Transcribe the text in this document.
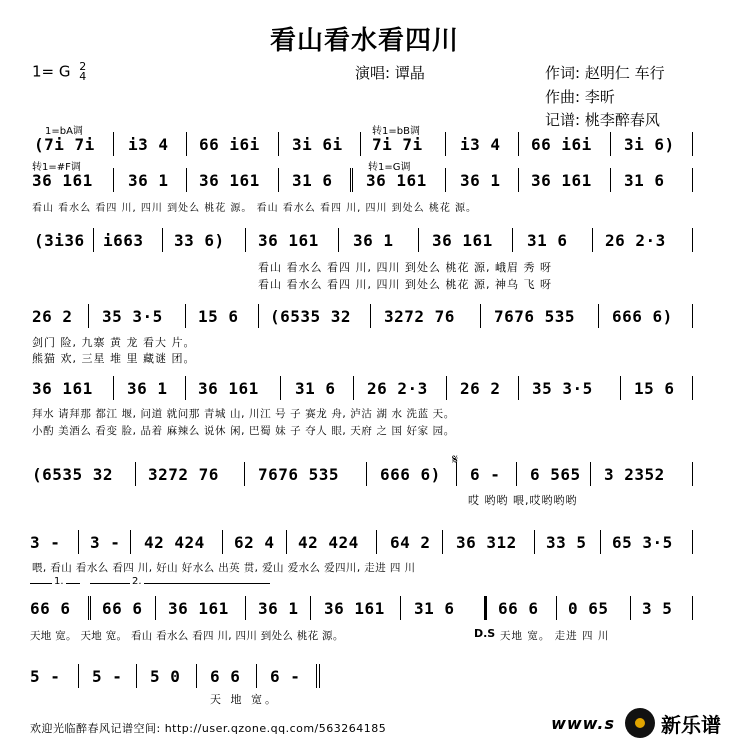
看山看水看四川
1= G 2
4	演唱: 谭晶	作词: 赵明仁 车行
作曲: 李昕
记谱: 桃李醉春风
1=bA调	转1=bB调
(7i 7i i3 4 66 i6i 3i 6i 7i 7i i3 4 66 i6i 3i 6)
转1=#F调	转1=G调
36 161 36 1 36 161 31 6 36 161 36 1 36 161 31 6
看山 看水么 看四 川, 四川 到处么 桃花 源。 看山 看水么 看四 川, 四川 到处么 桃花 源。
(3i36 i663 33 6) 36 161 36 1 36 161 31 6 26 2·3
看山 看水么 看四 川, 四川 到处么 桃花 源, 峨眉 秀 呀
看山 看水么 看四 川, 四川 到处么 桃花 源, 神乌 飞 呀
26 2 35 3·5 15 6 (6535 32 3272 76 7676 535 666 6)
剑门 险, 九寨 黄 龙 看大 片。
熊猫 欢, 三星 堆 里 藏谜 团。
36 161 36 1 36 161 31 6 26 2·3 26 2 35 3·5	15 6
拜水 请拜那 都江 堰, 问道 就问那 青城 山, 川江 号 子 赛龙 舟, 泸沽 湖 水 洗蓝 天。
小酌 美酒么 看变 脸, 品着 麻辣么 说休 闲, 巴蜀 妹 子 夺人 眼, 天府 之 国 好家 园。
(6535 32 3272 76 7676 535	666 6)
𝄋
6 - 6 565 3 2352
哎 哟哟 喂,哎哟哟哟
3 - 3 - 42 424 62 4 42 424 64 2 36 312 33 5 65 3·5
喂, 看山 看水么 看四 川, 好山 好水么 出英 贯, 爱山 爱水么 爱四川, 走进 四 川
1.	2.
66 6 66 6 36 161 36 1 36 161 31 6	66 6 0 65 3 5
天地 宽。 天地 宽。 看山 看水么 看四 川, 四川 到处么 桃花 源。	D.S 天地 宽。 走进 四 川
5 - 5 - 5 0 6 6 6 -
天 地 宽。
欢迎光临醉春风记谱空间: http://user.qzone.qq.com/563264185	www.s 新乐谱
